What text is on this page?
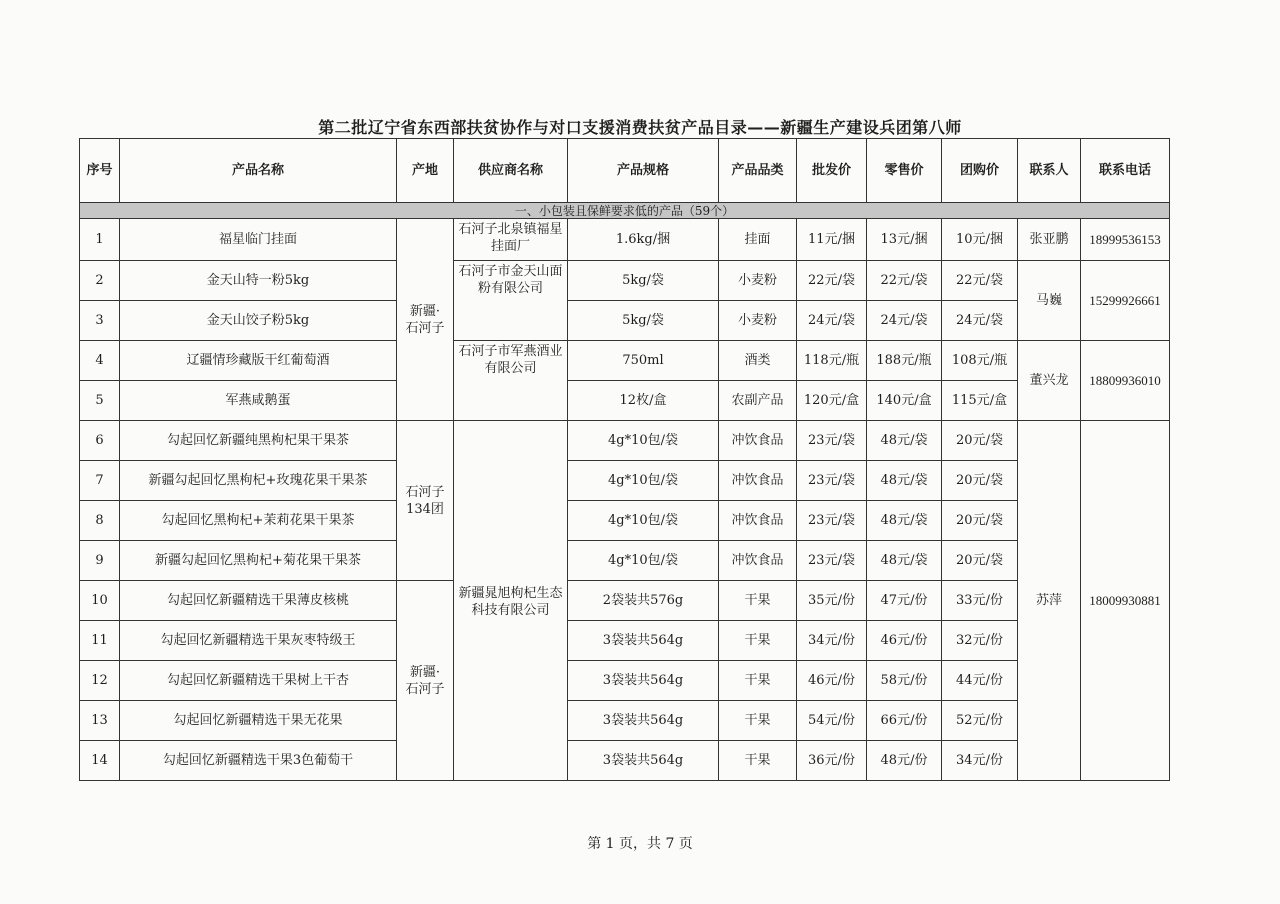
第二批辽宁省东西部扶贫协作与对口支援消费扶贫产品目录——新疆生产建设兵团第八师
序号	产品名称	产地	供应商名称	产品规格	产品品类	批发价	零售价	团购价	联系人	联系电话
一、小包装且保鲜要求低的产品（59个）										
1	福星临门挂面	新疆·
石河子	石河子北泉镇福星挂面厂	1.6kg/捆	挂面	11元/捆	13元/捆	10元/捆	张亚鹏	18999536153
2	金天山特一粉5kg		石河子市金天山面粉有限公司	5kg/袋	小麦粉	22元/袋	22元/袋	22元/袋	马巍	15299926661
3	金天山饺子粉5kg			5kg/袋	小麦粉	24元/袋	24元/袋	24元/袋		
4	辽疆情珍藏版干红葡萄酒		石河子市军燕酒业有限公司	750ml	酒类	118元/瓶	188元/瓶	108元/瓶	董兴龙	18809936010
5	军燕咸鹅蛋			12枚/盒	农副产品	120元/盒	140元/盒	115元/盒		
6	勾起回忆新疆纯黑枸杞果干果茶	石河子
134团	新疆晁旭枸杞生态科技有限公司	4g*10包/袋	冲饮食品	23元/袋	48元/袋	20元/袋	苏萍	18009930881
7	新疆勾起回忆黑枸杞+玫瑰花果干果茶			4g*10包/袋	冲饮食品	23元/袋	48元/袋	20元/袋		
8	勾起回忆黑枸杞+茉莉花果干果茶			4g*10包/袋	冲饮食品	23元/袋	48元/袋	20元/袋		
9	新疆勾起回忆黑枸杞+菊花果干果茶			4g*10包/袋	冲饮食品	23元/袋	48元/袋	20元/袋		
10	勾起回忆新疆精选干果薄皮核桃	新疆·
石河子		2袋装共576g	干果	35元/份	47元/份	33元/份		
11	勾起回忆新疆精选干果灰枣特级王			3袋装共564g	干果	34元/份	46元/份	32元/份		
12	勾起回忆新疆精选干果树上干杏			3袋装共564g	干果	46元/份	58元/份	44元/份		
13	勾起回忆新疆精选干果无花果			3袋装共564g	干果	54元/份	66元/份	52元/份		
14	勾起回忆新疆精选干果3色葡萄干			3袋装共564g	干果	36元/份	48元/份	34元/份		
第 1 页，共 7 页
